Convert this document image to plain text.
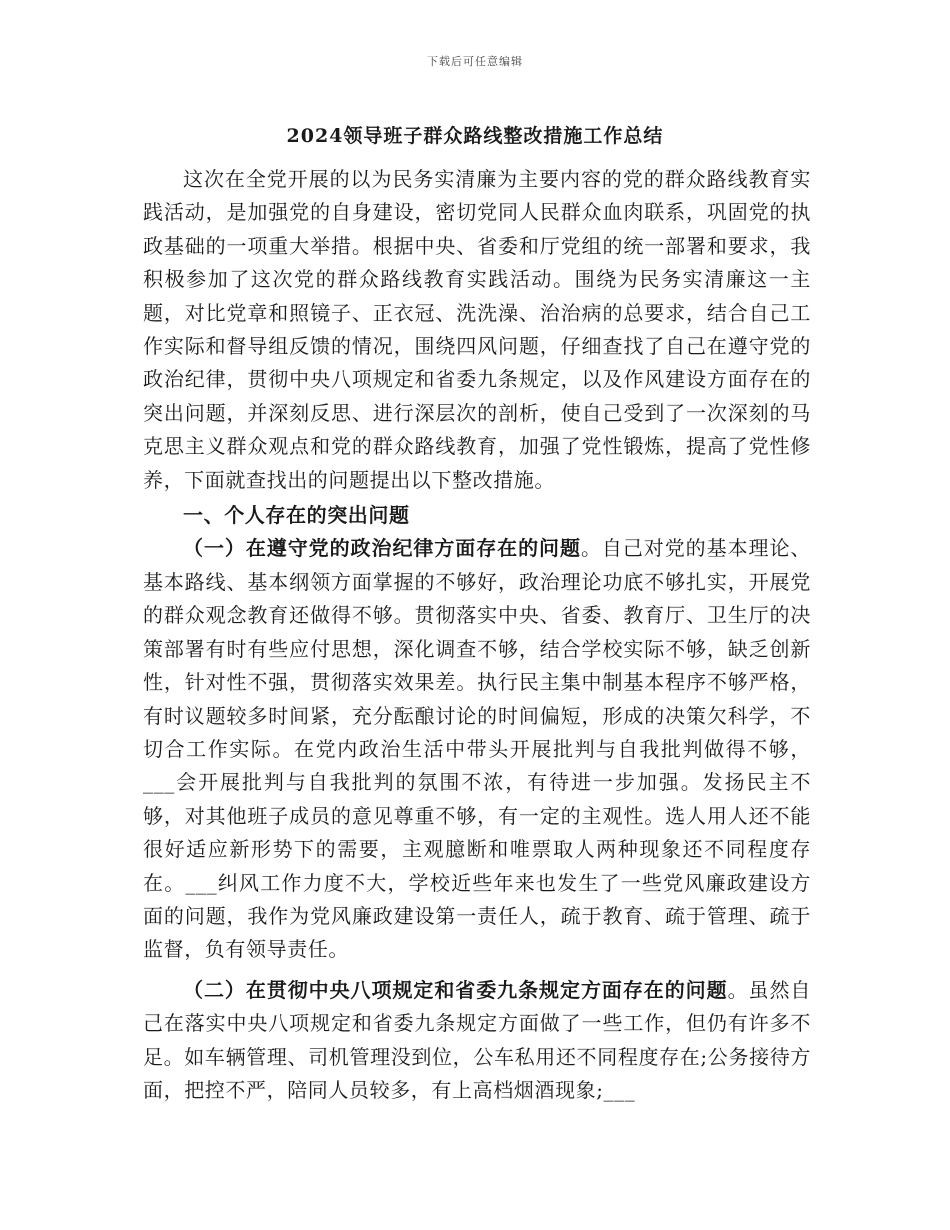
下载后可任意编辑
2024领导班子群众路线整改措施工作总结

这次在全党开展的以为民务实清廉为主要内容的党的群众路线教育实践活动，是加强党的自身建设，密切党同人民群众血肉联系，巩固党的执政基础的一项重大举措。根据中央、省委和厅党组的统一部署和要求，我积极参加了这次党的群众路线教育实践活动。围绕为民务实清廉这一主题，对比党章和照镜子、正衣冠、洗洗澡、治治病的总要求，结合自己工作实际和督导组反馈的情况，围绕四风问题，仔细查找了自己在遵守党的政治纪律，贯彻中央八项规定和省委九条规定，以及作风建设方面存在的突出问题，并深刻反思、进行深层次的剖析，使自己受到了一次深刻的马克思主义群众观点和党的群众路线教育，加强了党性锻炼，提高了党性修养，下面就查找出的问题提出以下整改措施。

一、个人存在的突出问题

（一）在遵守党的政治纪律方面存在的问题。自己对党的基本理论、基本路线、基本纲领方面掌握的不够好，政治理论功底不够扎实，开展党的群众观念教育还做得不够。贯彻落实中央、省委、教育厅、卫生厅的决策部署有时有些应付思想，深化调查不够，结合学校实际不够，缺乏创新性，针对性不强，贯彻落实效果差。执行民主集中制基本程序不够严格，有时议题较多时间紧，充分酝酿讨论的时间偏短，形成的决策欠科学，不切合工作实际。在党内政治生活中带头开展批判与自我批判做得不够，___会开展批判与自我批判的氛围不浓，有待进一步加强。发扬民主不够，对其他班子成员的意见尊重不够，有一定的主观性。选人用人还不能很好适应新形势下的需要，主观臆断和唯票取人两种现象还不同程度存在。___纠风工作力度不大，学校近些年来也发生了一些党风廉政建设方面的问题，我作为党风廉政建设第一责任人，疏于教育、疏于管理、疏于监督，负有领导责任。

（二）在贯彻中央八项规定和省委九条规定方面存在的问题。虽然自己在落实中央八项规定和省委九条规定方面做了一些工作，但仍有许多不足。如车辆管理、司机管理没到位，公车私用还不同程度存在;公务接待方面，把控不严，陪同人员较多，有上高档烟酒现象;___
